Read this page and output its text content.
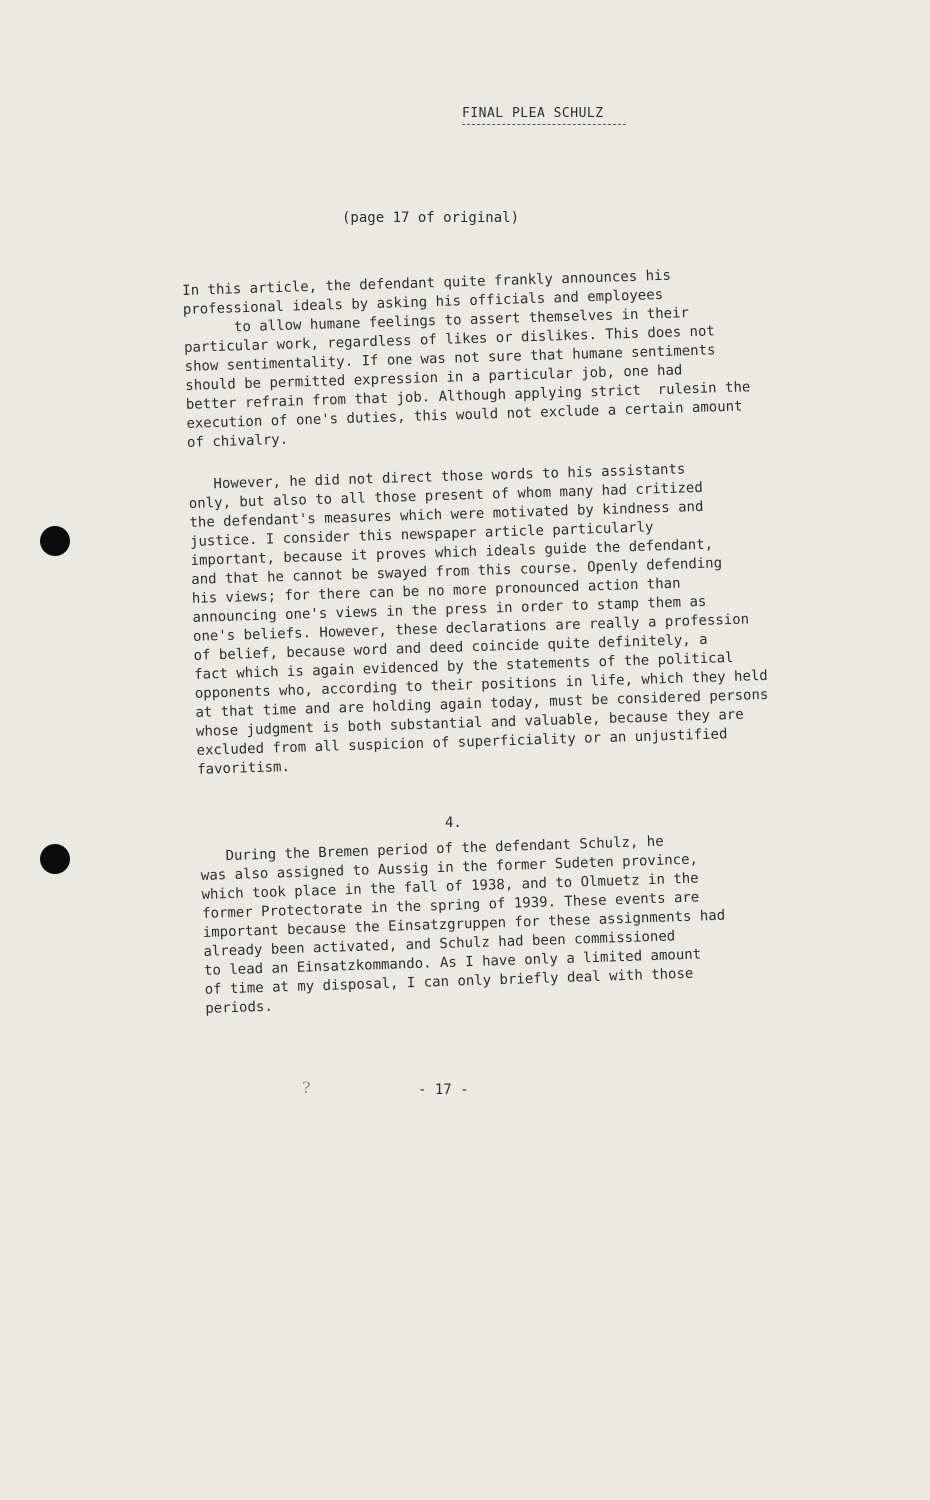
FINAL PLEA SCHULZ
(page 17 of original)
In this article, the defendant quite frankly announces his
professional ideals by asking his officials and employees
to allow humane feelings to assert themselves in their
particular work, regardless of likes or dislikes. This does not
show sentimentality. If one was not sure that humane sentiments
should be permitted expression in a particular job, one had
better refrain from that job. Although applying strict  rulesin the
execution of one's duties, this would not exclude a certain amount
of chivalry.
However, he did not direct those words to his assistants
only, but also to all those present of whom many had critized
the defendant's measures which were motivated by kindness and
justice. I consider this newspaper article particularly
important, because it proves which ideals guide the defendant,
and that he cannot be swayed from this course. Openly defending
his views; for there can be no more pronounced action than
announcing one's views in the press in order to stamp them as
one's beliefs. However, these declarations are really a profession
of belief, because word and deed coincide quite definitely, a
fact which is again evidenced by the statements of the political
opponents who, according to their positions in life, which they held
at that time and are holding again today, must be considered persons
whose judgment is both substantial and valuable, because they are
excluded from all suspicion of superficiality or an unjustified
favoritism.
4.
During the Bremen period of the defendant Schulz, he
was also assigned to Aussig in the former Sudeten province,
which took place in the fall of 1938, and to Olmuetz in the
former Protectorate in the spring of 1939. These events are
important because the Einsatzgruppen for these assignments had
already been activated, and Schulz had been commissioned
to lead an Einsatzkommando. As I have only a limited amount
of time at my disposal, I can only briefly deal with those
periods.
?	- 17 -
